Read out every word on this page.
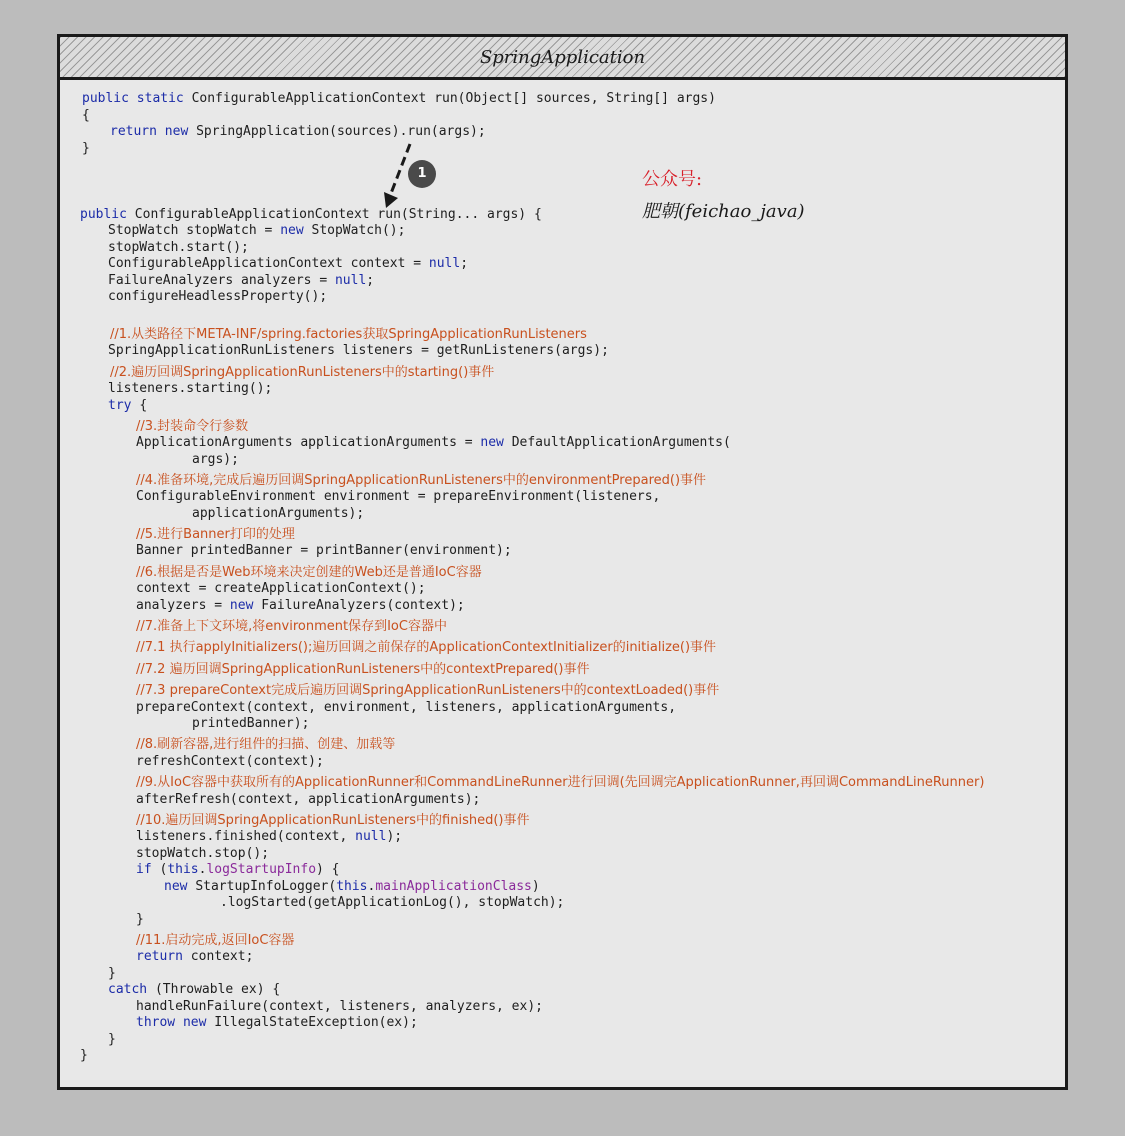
SpringApplication
public static ConfigurableApplicationContext run(Object[] sources, String[] args)
{
return new SpringApplication(sources).run(args);
}
public ConfigurableApplicationContext run(String... args) {
StopWatch stopWatch = new StopWatch();
stopWatch.start();
ConfigurableApplicationContext context = null;
FailureAnalyzers analyzers = null;
configureHeadlessProperty();
//1.从类路径下META-INF/spring.factories获取SpringApplicationRunListeners
SpringApplicationRunListeners listeners = getRunListeners(args);
//2.遍历回调SpringApplicationRunListeners中的starting()事件
listeners.starting();
try {
//3.封装命令行参数
ApplicationArguments applicationArguments = new DefaultApplicationArguments(
args);
//4.准备环境,完成后遍历回调SpringApplicationRunListeners中的environmentPrepared()事件
ConfigurableEnvironment environment = prepareEnvironment(listeners,
applicationArguments);
//5.进行Banner打印的处理
Banner printedBanner = printBanner(environment);
//6.根据是否是Web环境来决定创建的Web还是普通IoC容器
context = createApplicationContext();
analyzers = new FailureAnalyzers(context);
//7.准备上下文环境,将environment保存到IoC容器中
//7.1 执行applyInitializers();遍历回调之前保存的ApplicationContextInitializer的initialize()事件
//7.2 遍历回调SpringApplicationRunListeners中的contextPrepared()事件
//7.3 prepareContext完成后遍历回调SpringApplicationRunListeners中的contextLoaded()事件
prepareContext(context, environment, listeners, applicationArguments,
printedBanner);
//8.刷新容器,进行组件的扫描、创建、加载等
refreshContext(context);
//9.从IoC容器中获取所有的ApplicationRunner和CommandLineRunner进行回调(先回调完ApplicationRunner,再回调CommandLineRunner)
afterRefresh(context, applicationArguments);
//10.遍历回调SpringApplicationRunListeners中的finished()事件
listeners.finished(context, null);
stopWatch.stop();
if (this.logStartupInfo) {
new StartupInfoLogger(this.mainApplicationClass)
.logStarted(getApplicationLog(), stopWatch);
}
//11.启动完成,返回IoC容器
return context;
}
catch (Throwable ex) {
handleRunFailure(context, listeners, analyzers, ex);
throw new IllegalStateException(ex);
}
}
1	公众号:
肥朝(feichao_java)
